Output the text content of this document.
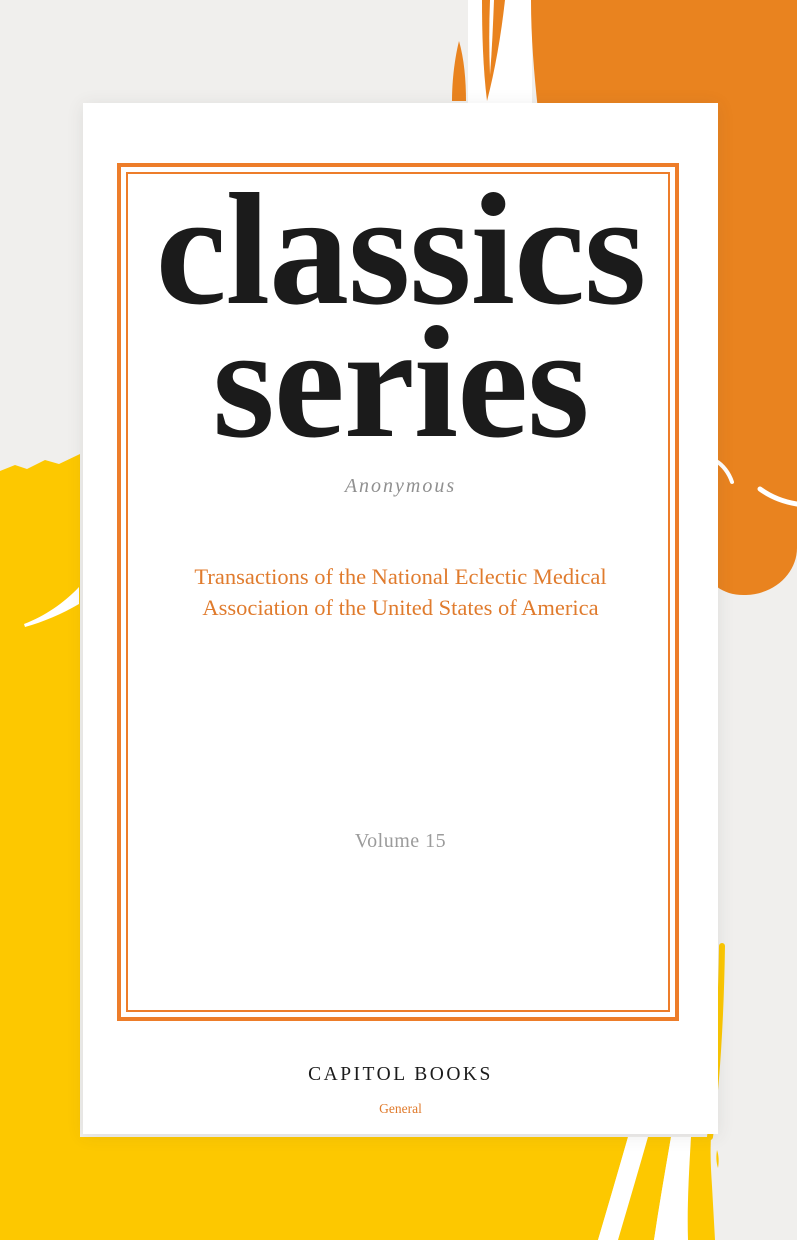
classics series
Anonymous
Transactions of the National Eclectic Medical Association of the United States of America
Volume 15
CAPITOL BOOKS
General
